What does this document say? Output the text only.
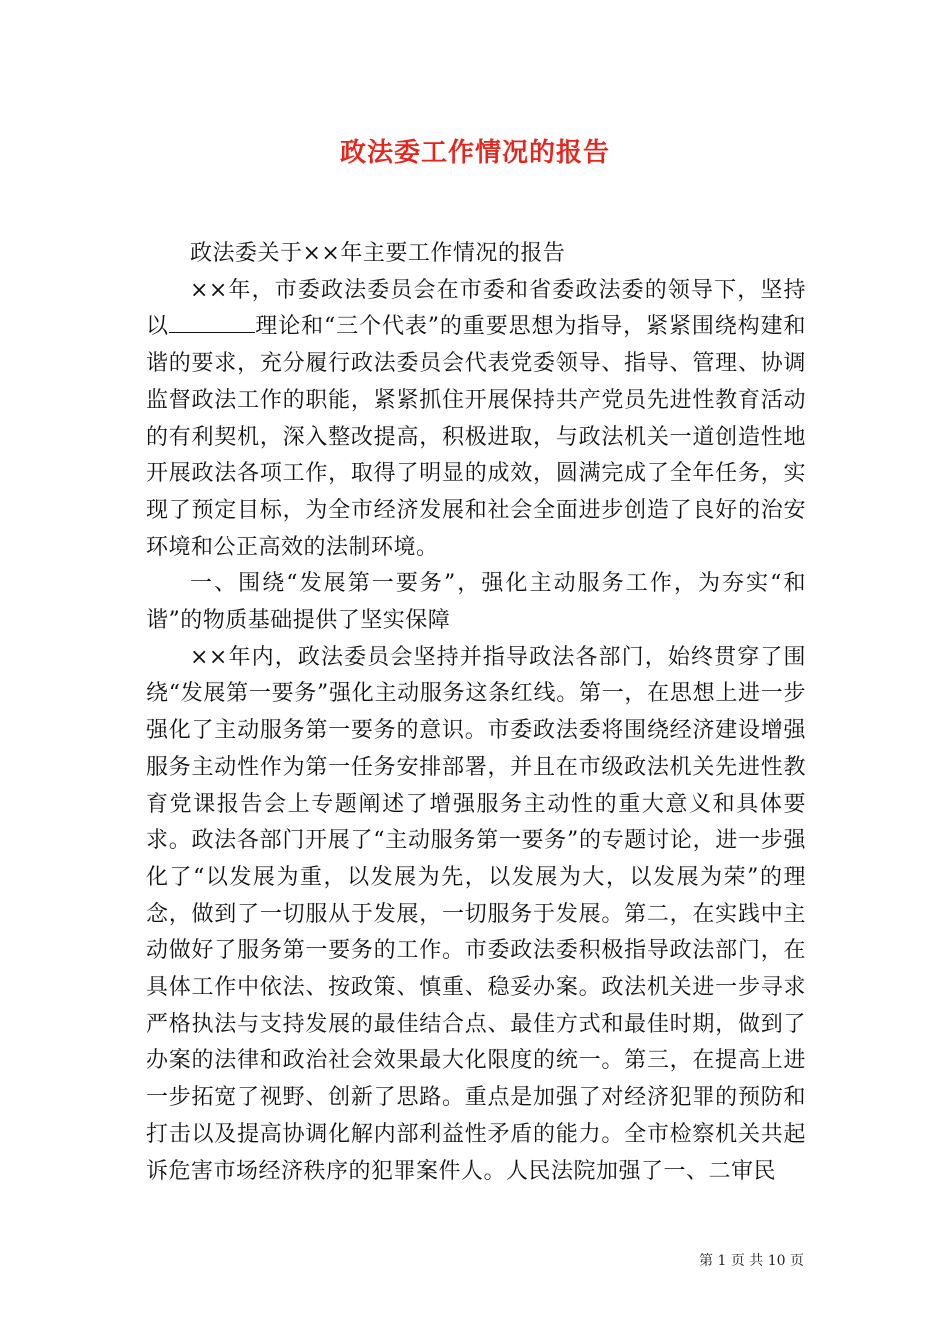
政法委工作情况的报告

政法委关于××年主要工作情况的报告

××年，市委政法委员会在市委和省委政法委的领导下，坚持以	理论和“三个代表”的重要思想为指导，紧紧围绕构建和谐的要求，充分履行政法委员会代表党委领导、指导、管理、协调监督政法工作的职能，紧紧抓住开展保持共产党员先进性教育活动的有利契机，深入整改提高，积极进取，与政法机关一道创造性地开展政法各项工作，取得了明显的成效，圆满完成了全年任务，实现了预定目标，为全市经济发展和社会全面进步创造了良好的治安环境和公正高效的法制环境。

一、围绕“发展第一要务”，强化主动服务工作，为夯实“和谐”的物质基础提供了坚实保障

××年内，政法委员会坚持并指导政法各部门，始终贯穿了围绕“发展第一要务”强化主动服务这条红线。第一，在思想上进一步强化了主动服务第一要务的意识。市委政法委将围绕经济建设增强服务主动性作为第一任务安排部署，并且在市级政法机关先进性教育党课报告会上专题阐述了增强服务主动性的重大意义和具体要求。政法各部门开展了“主动服务第一要务”的专题讨论，进一步强化了“以发展为重，以发展为先，以发展为大，以发展为荣”的理念，做到了一切服从于发展，一切服务于发展。第二，在实践中主动做好了服务第一要务的工作。市委政法委积极指导政法部门，在具体工作中依法、按政策、慎重、稳妥办案。政法机关进一步寻求严格执法与支持发展的最佳结合点、最佳方式和最佳时期，做到了办案的法律和政治社会效果最大化限度的统一。第三，在提高上进一步拓宽了视野、创新了思路。重点是加强了对经济犯罪的预防和打击以及提高协调化解内部利益性矛盾的能力。全市检察机关共起诉危害市场经济秩序的犯罪案件人。人民法院加强了一、二审民

第 1 页 共 10 页
